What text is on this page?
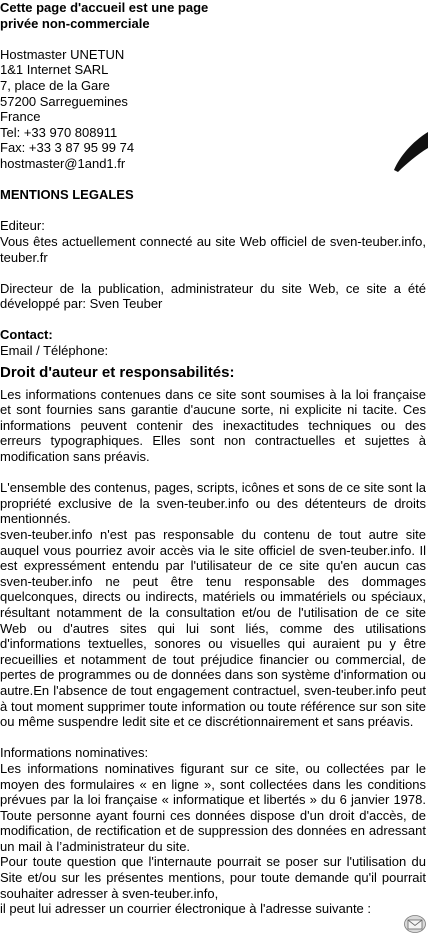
Cette page d'accueil est une page

privée non-commerciale

Hostmaster UNETUN

1&1 Internet SARL

7, place de la Gare

57200 Sarreguemines

France

Tel: +33 970 808911

Fax: +33 3 87 95 99 74

hostmaster@1and1.fr

MENTIONS LEGALES

Editeur:

Vous êtes actuellement connecté au site Web officiel de sven-teuber.info, teuber.fr

Directeur de la publication, administrateur du site Web, ce site a été développé par: Sven Teuber

Contact:

Email / Téléphone:

Droit d'auteur et responsabilités:

Les informations contenues dans ce site sont soumises à la loi française et sont fournies sans garantie d'aucune sorte, ni explicite ni tacite. Ces informations peuvent contenir des inexactitudes techniques ou des erreurs typographiques. Elles sont non contractuelles et sujettes à modification sans préavis.

L'ensemble des contenus, pages, scripts, icônes et sons de ce site sont la propriété exclusive de la sven-teuber.info ou des détenteurs de droits mentionnés.

sven-teuber.info n'est pas responsable du contenu de tout autre site auquel vous pourriez avoir accès via le site officiel de sven-teuber.info. Il est expressément entendu par l'utilisateur de ce site qu'en aucun cas sven-teuber.info ne peut être tenu responsable des dommages quelconques, directs ou indirects, matériels ou immatériels ou spéciaux, résultant notamment de la consultation et/ou de l'utilisation de ce site Web ou d'autres sites qui lui sont liés, comme des utilisations d'informations textuelles, sonores ou visuelles qui auraient pu y être recueillies et notamment de tout préjudice financier ou commercial, de pertes de programmes ou de données dans son système d'information ou autre.En l'absence de tout engagement contractuel, sven-teuber.info peut à tout moment supprimer toute information ou toute référence sur son site ou même suspendre ledit site et ce discrétionnairement et sans préavis.

Informations nominatives:

Les informations nominatives figurant sur ce site, ou collectées par le moyen des formulaires « en ligne », sont collectées dans les conditions prévues par la loi française « informatique et libertés » du 6 janvier 1978. Toute personne ayant fourni ces données dispose d'un droit d'accès, de modification, de rectification et de suppression des données en adressant un mail à l’administrateur du site.

Pour toute question que l'internaute pourrait se poser sur l'utilisation du Site et/ou sur les présentes mentions, pour toute demande qu'il pourrait souhaiter adresser à sven-teuber.info,

il peut lui adresser un courrier électronique à l'adresse suivante :
